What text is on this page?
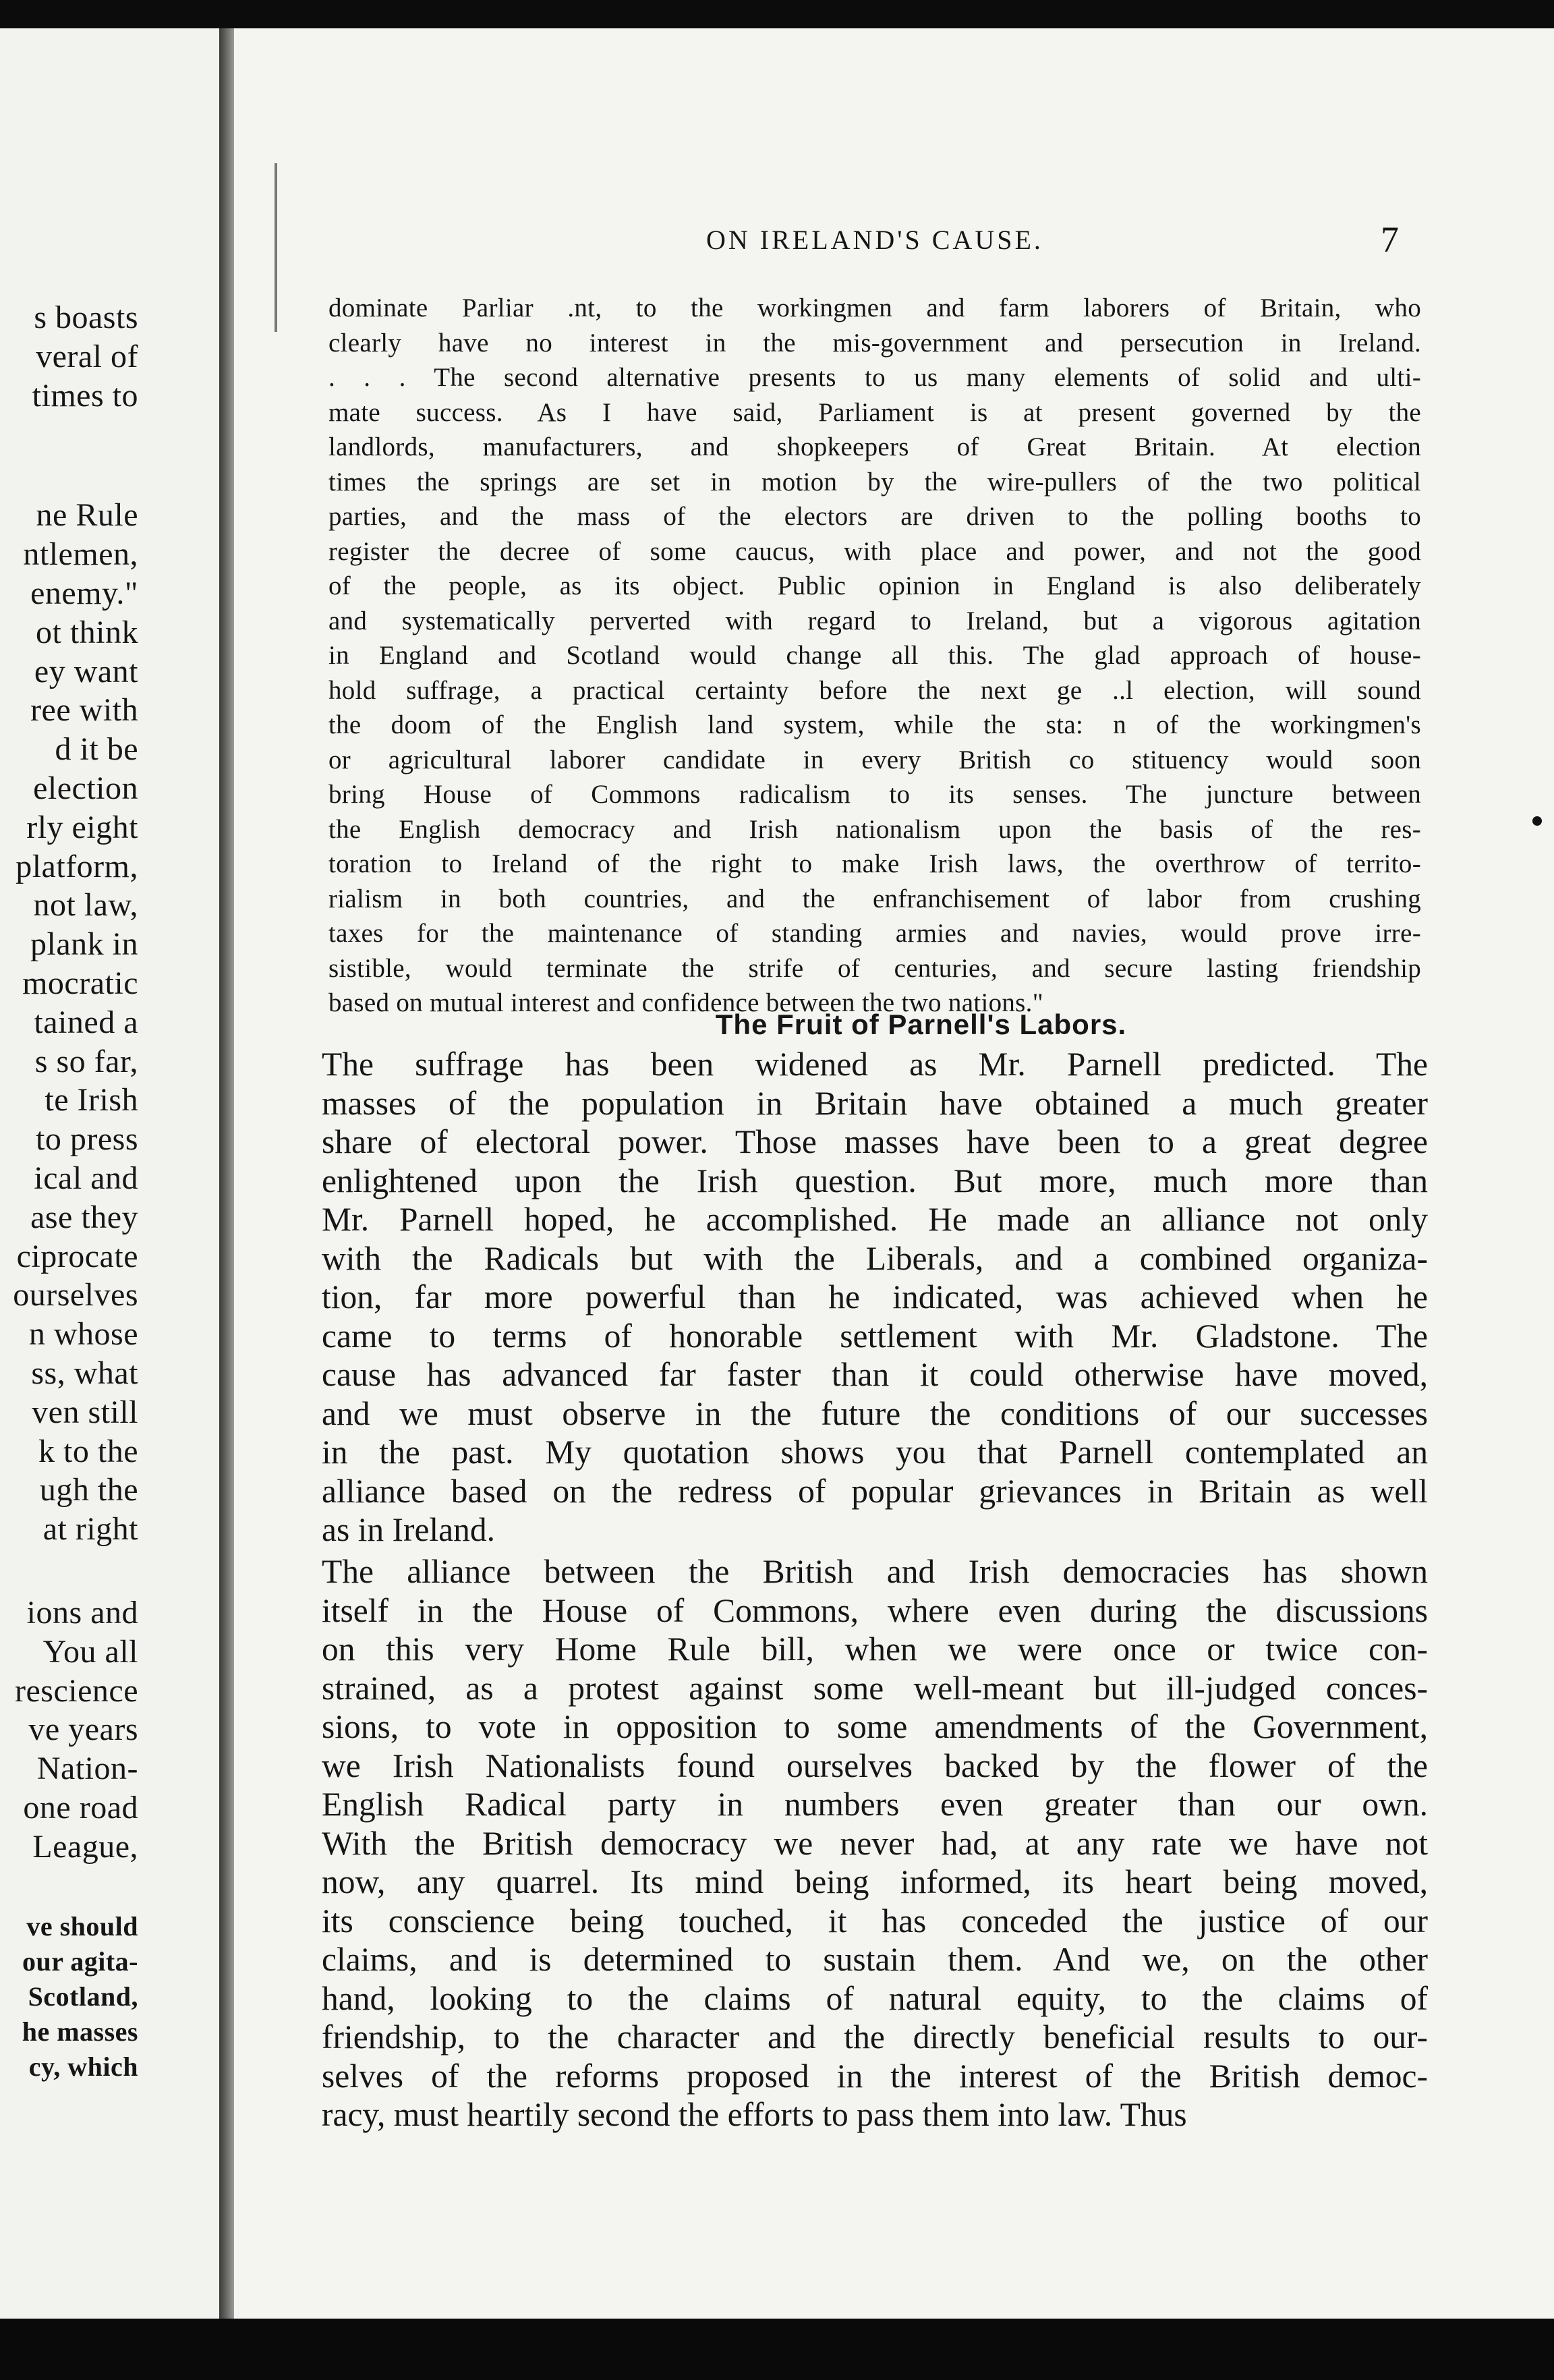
s boasts
veral of
times to
ne Rule
ntlemen,
enemy."
ot think
ey want
ree with
d it be
election
rly eight
platform,
not law,
plank in
mocratic
tained a
s so far,
te Irish
to press
ical and
ase they
ciprocate
ourselves
n whose
ss, what
ven still
k to the
ugh the
at right
ions and
You all
rescience
ve years
Nation-
one road
League,
ve should
our agita-
Scotland,
he masses
cy, which
ON IRELAND'S CAUSE.	7
dominate Parliar .nt, to the workingmen and farm laborers of Britain, who
clearly have no interest in the mis-government and persecution in Ireland.
. . . The second alternative presents to us many elements of solid and ulti-
mate success. As I have said, Parliament is at present governed by the
landlords, manufacturers, and shopkeepers of Great Britain. At election
times the springs are set in motion by the wire-pullers of the two political
parties, and the mass of the electors are driven to the polling booths to
register the decree of some caucus, with place and power, and not the good
of the people, as its object. Public opinion in England is also deliberately
and systematically perverted with regard to Ireland, but a vigorous agitation
in England and Scotland would change all this. The glad approach of house-
hold suffrage, a practical certainty before the next ge ..l election, will sound
the doom of the English land system, while the sta: n of the workingmen's
or agricultural laborer candidate in every British co stituency would soon
bring House of Commons radicalism to its senses. The juncture between
the English democracy and Irish nationalism upon the basis of the res-
toration to Ireland of the right to make Irish laws, the overthrow of territo-
rialism in both countries, and the enfranchisement of labor from crushing
taxes for the maintenance of standing armies and navies, would prove irre-
sistible, would terminate the strife of centuries, and secure lasting friendship
based on mutual interest and confidence between the two nations."
The Fruit of Parnell's Labors.
The suffrage has been widened as Mr. Parnell predicted. The
masses of the population in Britain have obtained a much greater
share of electoral power. Those masses have been to a great degree
enlightened upon the Irish question. But more, much more than
Mr. Parnell hoped, he accomplished. He made an alliance not only
with the Radicals but with the Liberals, and a combined organiza-
tion, far more powerful than he indicated, was achieved when he
came to terms of honorable settlement with Mr. Gladstone. The
cause has advanced far faster than it could otherwise have moved,
and we must observe in the future the conditions of our successes
in the past. My quotation shows you that Parnell contemplated an
alliance based on the redress of popular grievances in Britain as well
as in Ireland.
The alliance between the British and Irish democracies has shown
itself in the House of Commons, where even during the discussions
on this very Home Rule bill, when we were once or twice con-
strained, as a protest against some well-meant but ill-judged conces-
sions, to vote in opposition to some amendments of the Government,
we Irish Nationalists found ourselves backed by the flower of the
English Radical party in numbers even greater than our own.
With the British democracy we never had, at any rate we have not
now, any quarrel. Its mind being informed, its heart being moved,
its conscience being touched, it has conceded the justice of our
claims, and is determined to sustain them. And we, on the other
hand, looking to the claims of natural equity, to the claims of
friendship, to the character and the directly beneficial results to our-
selves of the reforms proposed in the interest of the British democ-
racy, must heartily second the efforts to pass them into law. Thus
